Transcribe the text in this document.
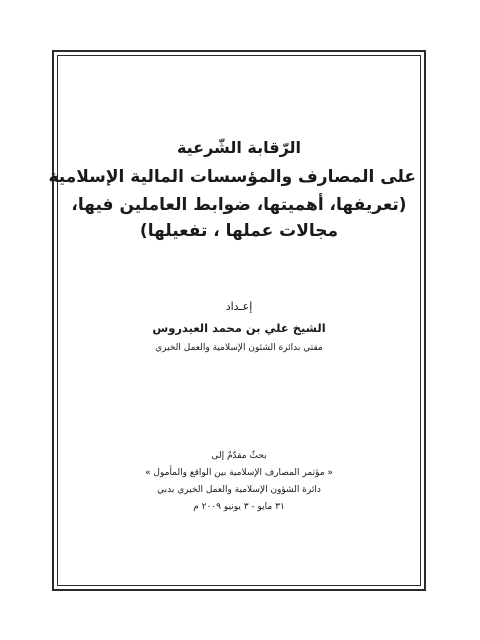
الرّقابة الشّرعية
على المصارف والمؤسسات المالية الإسلامية
(تعريفها، أهميتها، ضوابط العاملين فيها،
مجالات عملها ، تفعيلها)
إعـداد
الشيخ علي بن محمد العيدروس
مفتي بدائرة الشئون الإسلامية والعمل الخيري
بحثٌ مقدّمٌ إلى
« مؤتمر المصارف الإسلامية بين الواقع والمأمول »
دائرة الشؤون الإسلامية والعمل الخيري بدبي
٣١ مايو - ٣ يونيو ٢٠٠٩ م
